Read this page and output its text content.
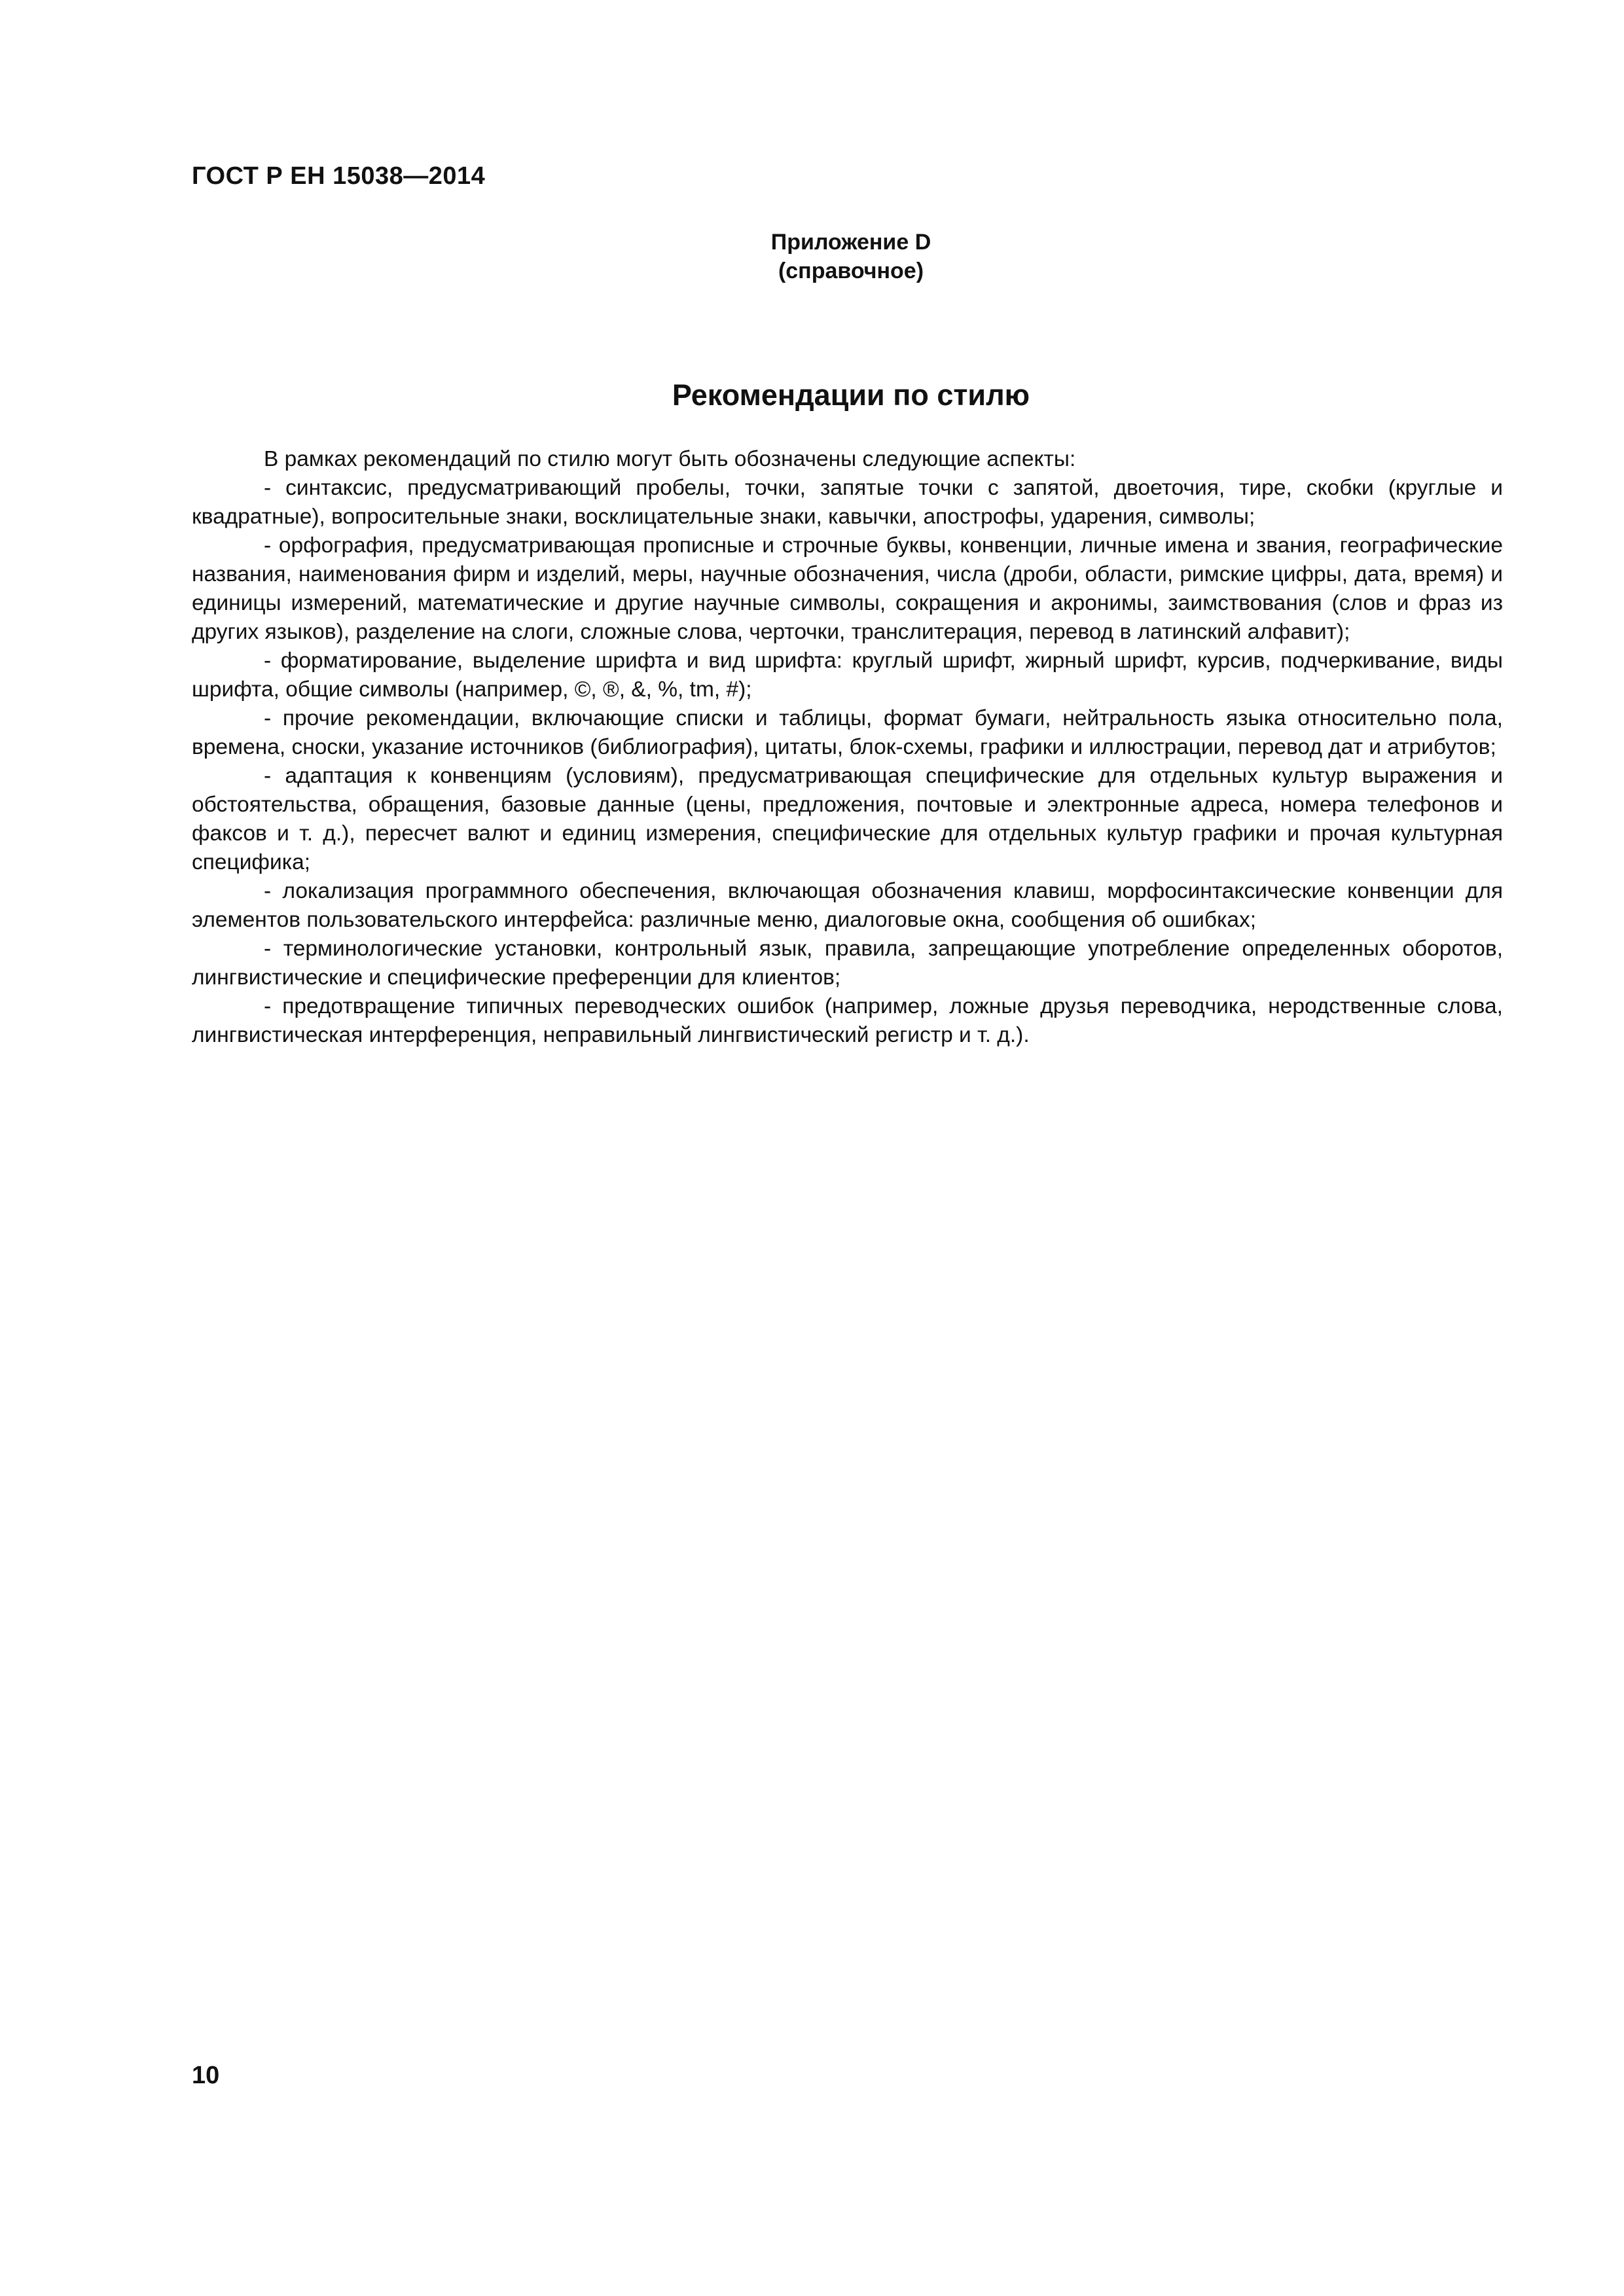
ГОСТ Р ЕН 15038—2014
Приложение D
(справочное)
Рекомендации по стилю

В рамках рекомендаций по стилю могут быть обозначены следующие аспекты:

- синтаксис, предусматривающий пробелы, точки, запятые точки с запятой, двоеточия, тире, скобки (круглые и квадратные), вопросительные знаки, восклицательные знаки, кавычки, апострофы, ударения, символы;

- орфография, предусматривающая прописные и строчные буквы, конвенции, личные имена и звания, географические названия, наименования фирм и изделий, меры, научные обозначения, числа (дроби, области, римские цифры, дата, время) и единицы измерений, математические и другие научные символы, сокращения и акронимы, заимствования (слов и фраз из других языков), разделение на слоги, сложные слова, черточки, транслитерация, перевод в латинский алфавит);

- форматирование, выделение шрифта и вид шрифта: круглый шрифт, жирный шрифт, курсив, подчеркивание, виды шрифта, общие символы (например, ©, ®, &, %, tm, #);

- прочие рекомендации, включающие списки и таблицы, формат бумаги, нейтральность языка относительно пола, времена, сноски, указание источников (библиография), цитаты, блок-схемы, графики и иллюстрации, перевод дат и атрибутов;

- адаптация к конвенциям (условиям), предусматривающая специфические для отдельных культур выражения и обстоятельства, обращения, базовые данные (цены, предложения, почтовые и электронные адреса, номера телефонов и факсов и т. д.), пересчет валют и единиц измерения, специфические для отдельных культур графики и прочая культурная специфика;

- локализация программного обеспечения, включающая обозначения клавиш, морфосинтаксические конвенции для элементов пользовательского интерфейса: различные меню, диалоговые окна, сообщения об ошибках;

- терминологические установки, контрольный язык, правила, запрещающие употребление определенных оборотов, лингвистические и специфические преференции для клиентов;

- предотвращение типичных переводческих ошибок (например, ложные друзья переводчика, неродственные слова, лингвистическая интерференция, неправильный лингвистический регистр и т. д.).

10
